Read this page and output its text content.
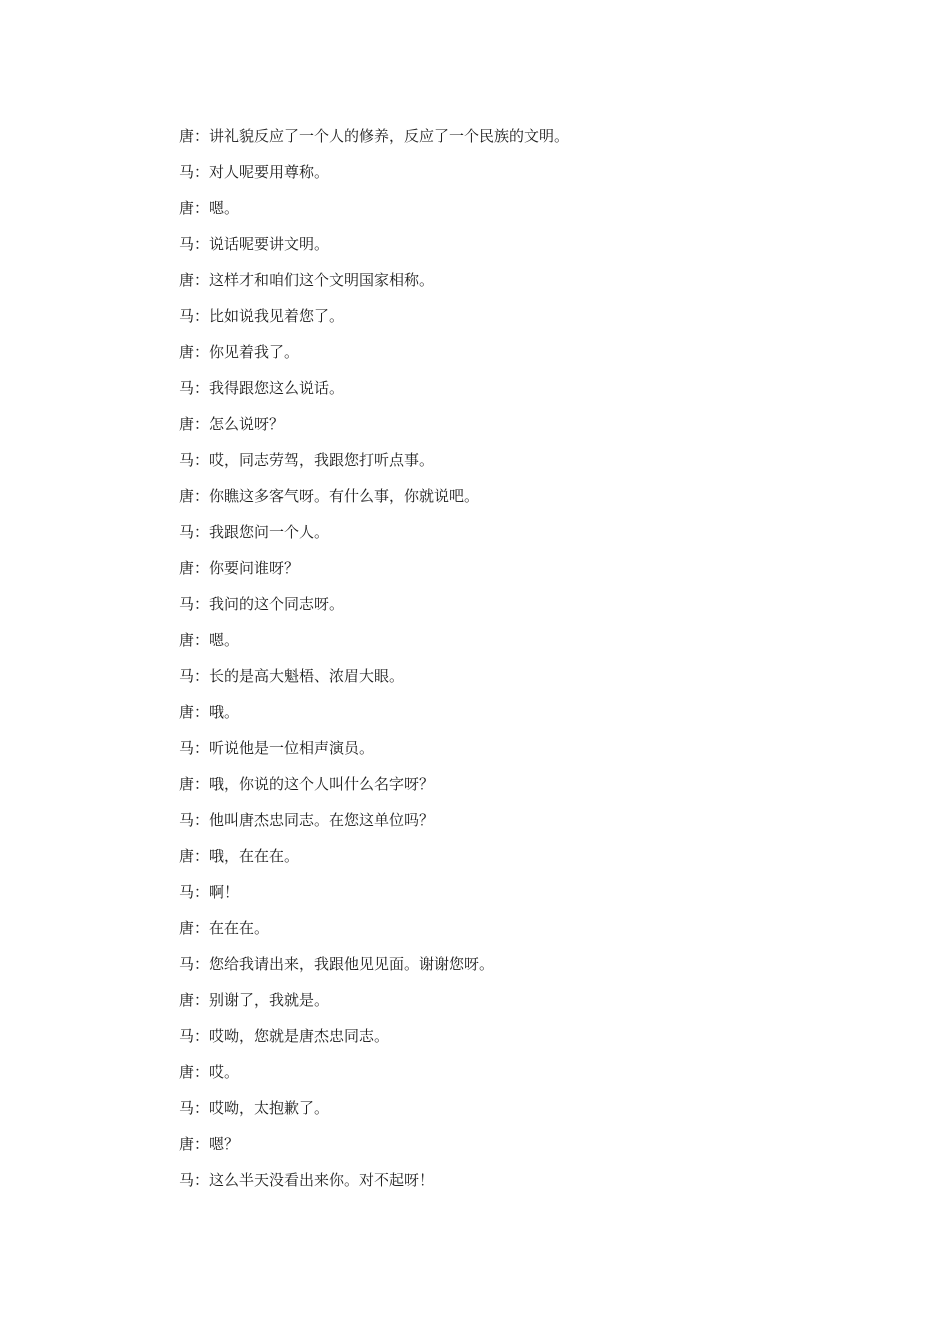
唐：讲礼貌反应了一个人的修养，反应了一个民族的文明。
马：对人呢要用尊称。
唐：嗯。
马：说话呢要讲文明。
唐：这样才和咱们这个文明国家相称。
马：比如说我见着您了。
唐：你见着我了。
马：我得跟您这么说话。
唐：怎么说呀？
马：哎，同志劳驾，我跟您打听点事。
唐：你瞧这多客气呀。有什么事，你就说吧。
马：我跟您问一个人。
唐：你要问谁呀？
马：我问的这个同志呀。
唐：嗯。
马：长的是高大魁梧、浓眉大眼。
唐：哦。
马：听说他是一位相声演员。
唐：哦，你说的这个人叫什么名字呀？
马：他叫唐杰忠同志。在您这单位吗？
唐：哦，在在在。
马：啊！
唐：在在在。
马：您给我请出来，我跟他见见面。谢谢您呀。
唐：别谢了，我就是。
马：哎呦，您就是唐杰忠同志。
唐：哎。
马：哎呦，太抱歉了。
唐：嗯？
马：这么半天没看出来你。对不起呀！
